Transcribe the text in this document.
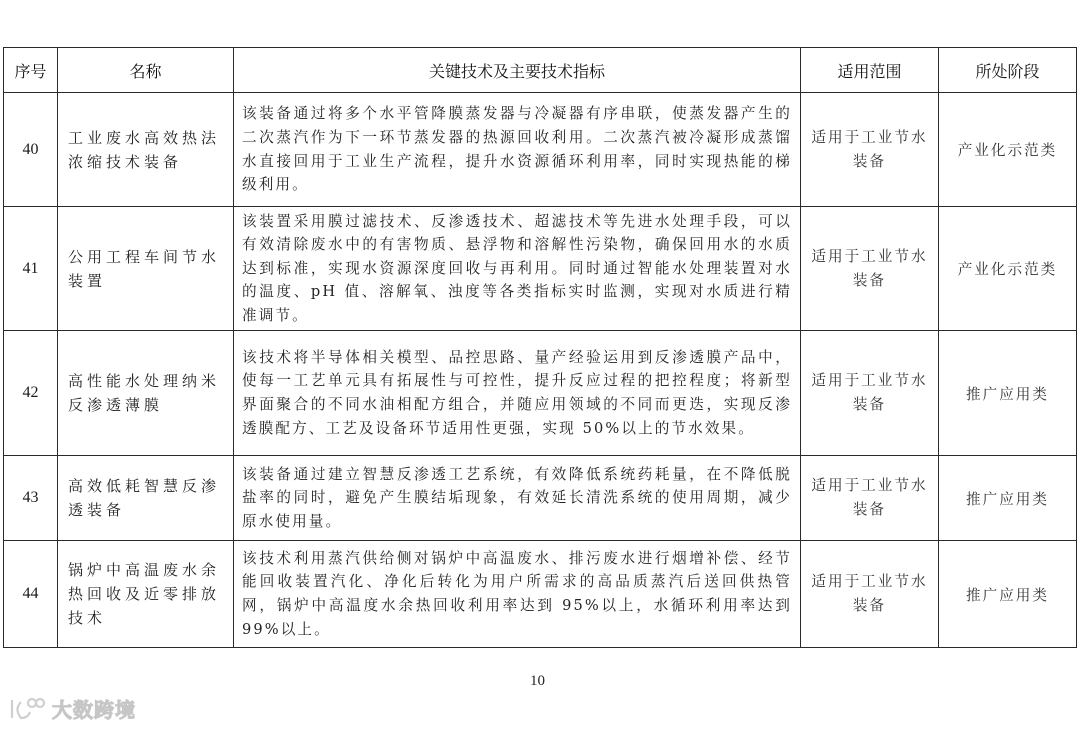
序号	名称	关键技术及主要技术指标	适用范围	所处阶段
40	工业废水高效热法浓缩技术装备	该装备通过将多个水平管降膜蒸发器与冷凝器有序串联，使蒸发器产生的二次蒸汽作为下一环节蒸发器的热源回收利用。二次蒸汽被冷凝形成蒸馏水直接回用于工业生产流程，提升水资源循环利用率，同时实现热能的梯级利用。	适用于工业节水装备	产业化示范类
41	公用工程车间节水装置	该装置采用膜过滤技术、反渗透技术、超滤技术等先进水处理手段，可以有效清除废水中的有害物质、悬浮物和溶解性污染物，确保回用水的水质达到标准，实现水资源深度回收与再利用。同时通过智能水处理装置对水的温度、pH 值、溶解氧、浊度等各类指标实时监测，实现对水质进行精准调节。	适用于工业节水装备	产业化示范类
42	高性能水处理纳米反渗透薄膜	该技术将半导体相关模型、品控思路、量产经验运用到反渗透膜产品中，使每一工艺单元具有拓展性与可控性，提升反应过程的把控程度；将新型界面聚合的不同水油相配方组合，并随应用领域的不同而更迭，实现反渗透膜配方、工艺及设备环节适用性更强，实现 50%以上的节水效果。	适用于工业节水装备	推广应用类
43	高效低耗智慧反渗透装备	该装备通过建立智慧反渗透工艺系统，有效降低系统药耗量，在不降低脱盐率的同时，避免产生膜结垢现象，有效延长清洗系统的使用周期，减少原水使用量。	适用于工业节水装备	推广应用类
44	锅炉中高温废水余热回收及近零排放技术	该技术利用蒸汽供给侧对锅炉中高温废水、排污废水进行烟增补偿、经节能回收装置汽化、净化后转化为用户所需求的高品质蒸汽后送回供热管网，锅炉中高温度水余热回收利用率达到 95%以上，水循环利用率达到 99%以上。	适用于工业节水装备	推广应用类
10
大数跨境
